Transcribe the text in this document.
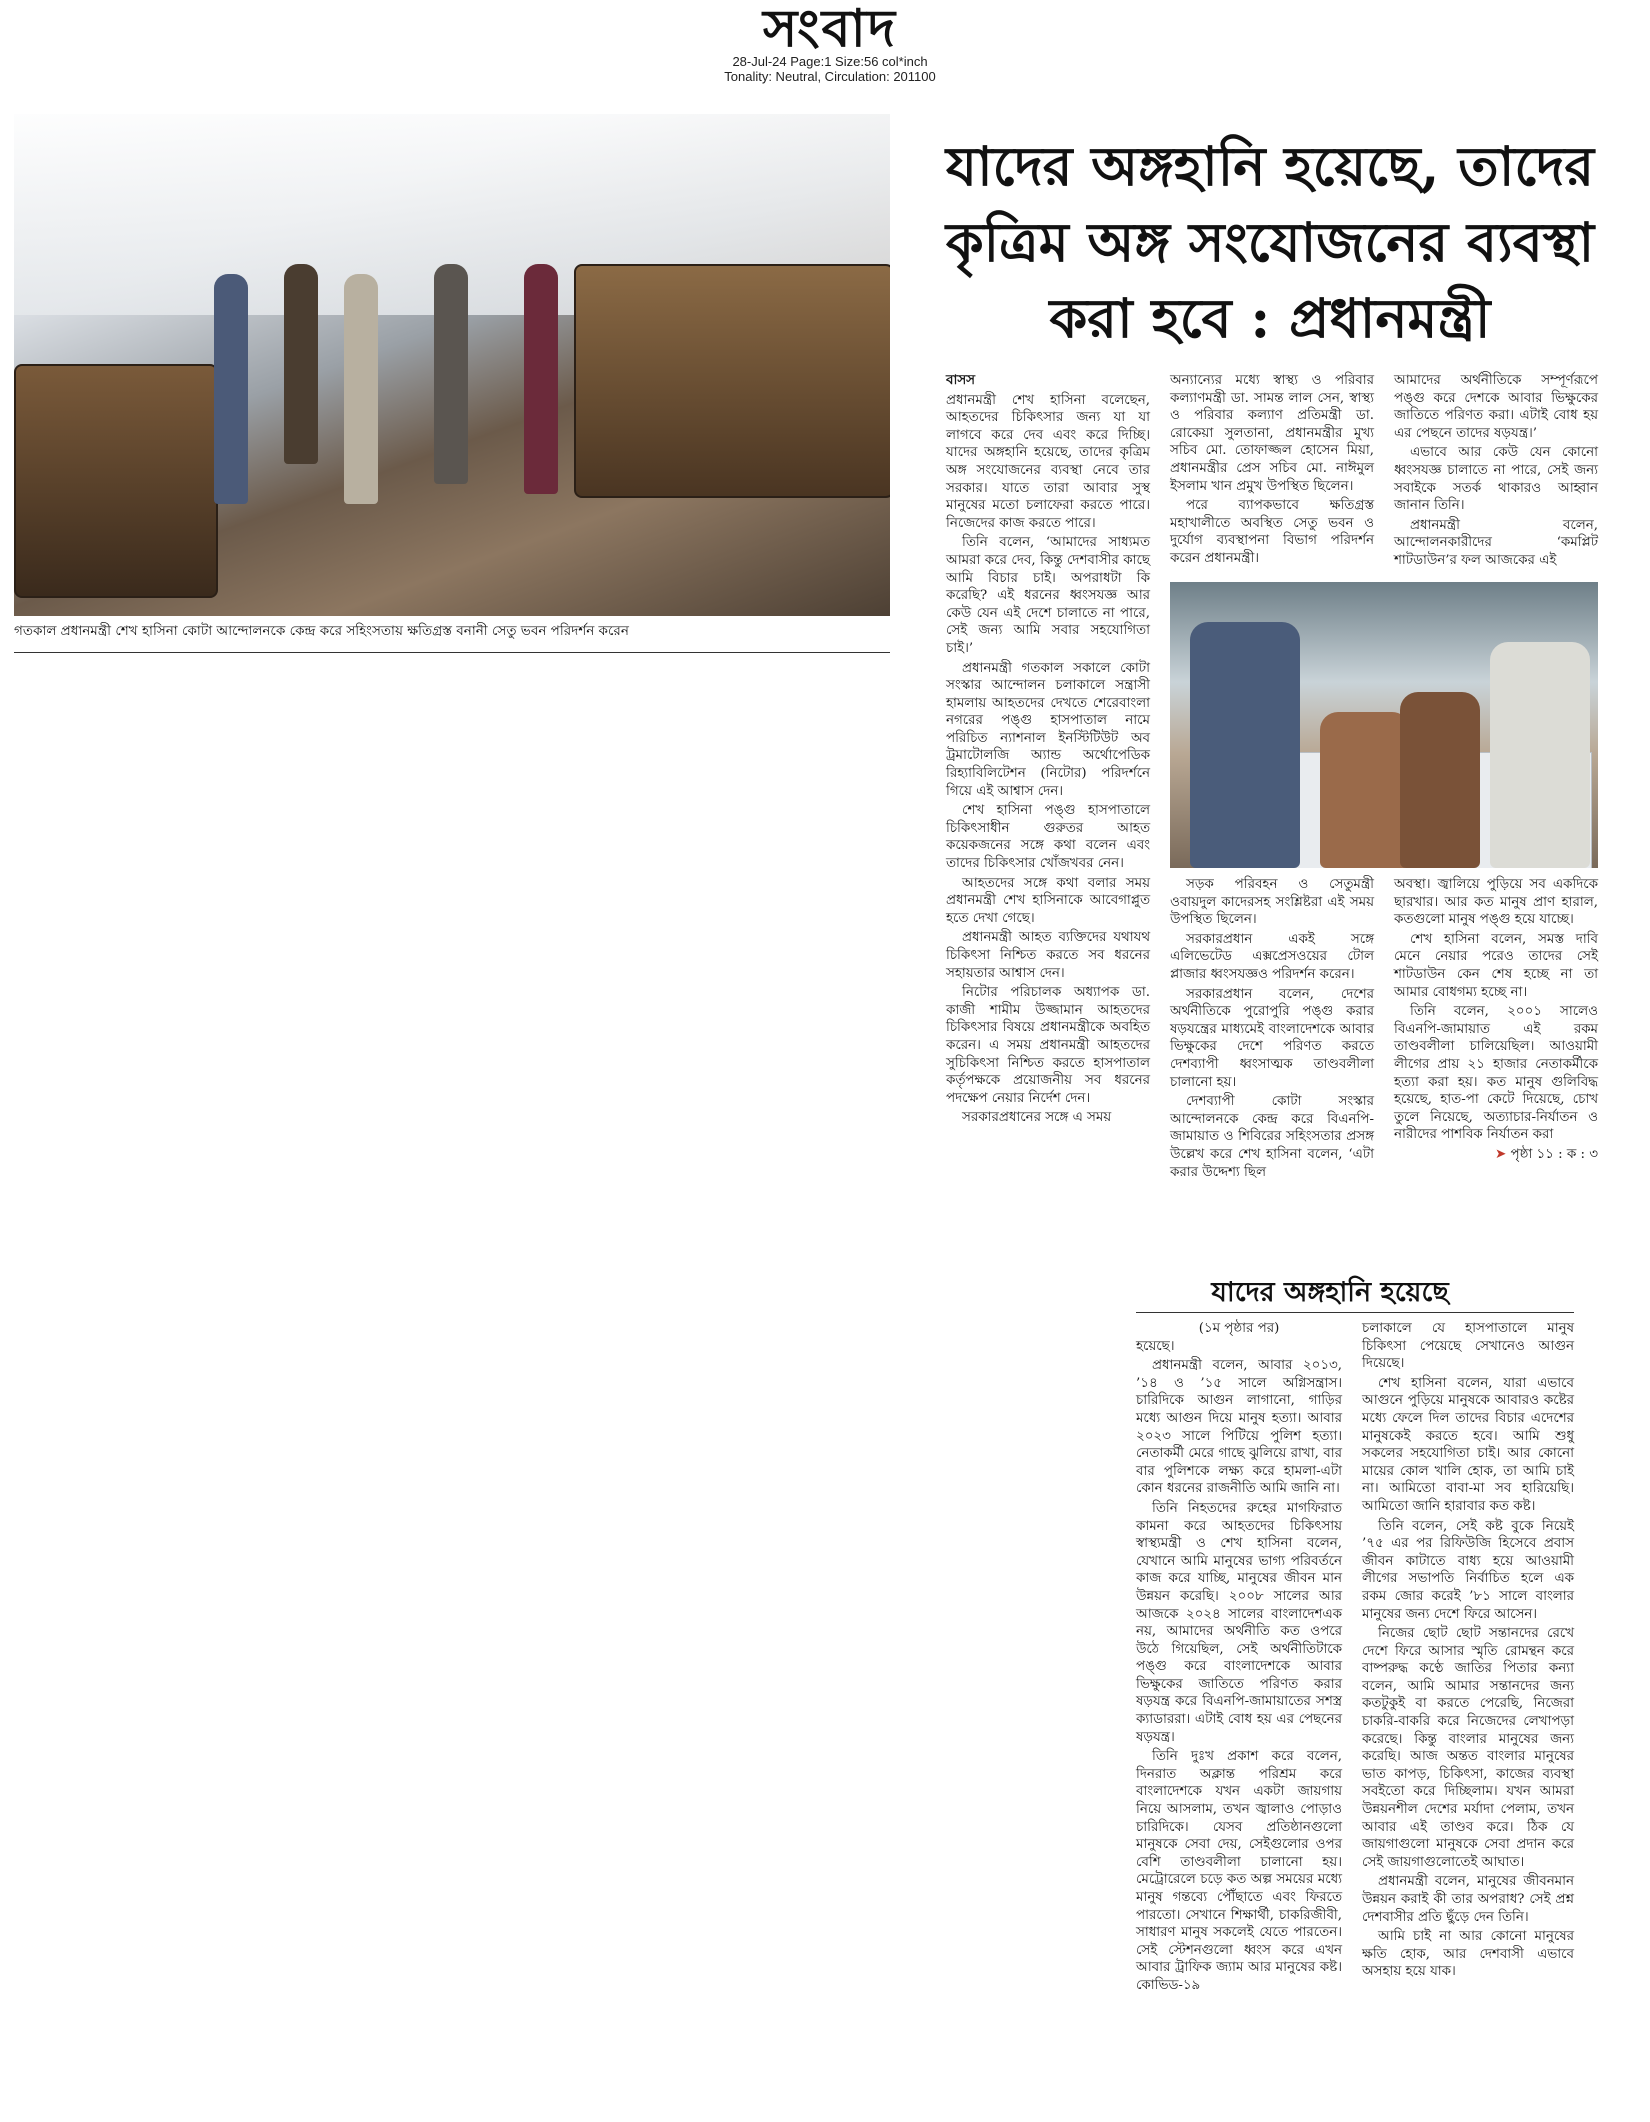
সংবাদ
28-Jul-24 Page:1 Size:56 col*inch
Tonality: Neutral, Circulation: 201100
গতকাল প্রধানমন্ত্রী শেখ হাসিনা কোটা আন্দোলনকে কেন্দ্র করে সহিংসতায় ক্ষতিগ্রস্ত বনানী সেতু ভবন পরিদর্শন করেন
যাদের অঙ্গহানি হয়েছে, তাদের
কৃত্রিম অঙ্গ সংযোজনের ব্যবস্থা
করা হবে : প্রধানমন্ত্রী
বাসস

প্রধানমন্ত্রী শেখ হাসিনা বলেছেন, আহতদের চিকিৎসার জন্য যা যা লাগবে করে দেব এবং করে দিচ্ছি। যাদের অঙ্গহানি হয়েছে, তাদের কৃত্রিম অঙ্গ সংযোজনের ব্যবস্থা নেবে তার সরকার। যাতে তারা আবার সুস্থ মানুষের মতো চলাফেরা করতে পারে। নিজেদের কাজ করতে পারে।

তিনি বলেন, ‘আমাদের সাধ্যমত আমরা করে দেব, কিন্তু দেশবাসীর কাছে আমি বিচার চাই। অপরাধটা কি করেছি? এই ধরনের ধ্বংসযজ্ঞ আর কেউ যেন এই দেশে চালাতে না পারে, সেই জন্য আমি সবার সহযোগিতা চাই।’

প্রধানমন্ত্রী গতকাল সকালে কোটা সংস্কার আন্দোলন চলাকালে সন্ত্রাসী হামলায় আহতদের দেখতে শেরেবাংলা নগরের পঙ্গু হাসপাতাল নামে পরিচিত ন্যাশনাল ইনস্টিটিউট অব ট্রমাটোলজি অ্যান্ড অর্থোপেডিক রিহ্যাবিলিটেশন (নিটোর) পরিদর্শনে গিয়ে এই আশ্বাস দেন।

শেখ হাসিনা পঙ্গু হাসপাতালে চিকিৎসাধীন গুরুতর আহত কয়েকজনের সঙ্গে কথা বলেন এবং তাদের চিকিৎসার খোঁজখবর নেন।

আহতদের সঙ্গে কথা বলার সময় প্রধানমন্ত্রী শেখ হাসিনাকে আবেগাপ্লুত হতে দেখা গেছে।

প্রধানমন্ত্রী আহত ব্যক্তিদের যথাযথ চিকিৎসা নিশ্চিত করতে সব ধরনের সহায়তার আশ্বাস দেন।

নিটোর পরিচালক অধ্যাপক ডা. কাজী শামীম উজ্জামান আহতদের চিকিৎসার বিষয়ে প্রধানমন্ত্রীকে অবহিত করেন। এ সময় প্রধানমন্ত্রী আহতদের সুচিকিৎসা নিশ্চিত করতে হাসপাতাল কর্তৃপক্ষকে প্রয়োজনীয় সব ধরনের পদক্ষেপ নেয়ার নির্দেশ দেন।

সরকারপ্রধানের সঙ্গে এ সময়

অন্যান্যের মধ্যে স্বাস্থ্য ও পরিবার কল্যাণমন্ত্রী ডা. সামন্ত লাল সেন, স্বাস্থ্য ও পরিবার কল্যাণ প্রতিমন্ত্রী ডা. রোকেয়া সুলতানা, প্রধানমন্ত্রীর মুখ্য সচিব মো. তোফাজ্জল হোসেন মিয়া, প্রধানমন্ত্রীর প্রেস সচিব মো. নাঈমুল ইসলাম খান প্রমুখ উপস্থিত ছিলেন।

পরে ব্যাপকভাবে ক্ষতিগ্রস্ত মহাখালীতে অবস্থিত সেতু ভবন ও দুর্যোগ ব্যবস্থাপনা বিভাগ পরিদর্শন করেন প্রধানমন্ত্রী।

আমাদের অর্থনীতিকে সম্পূর্ণরূপে পঙ্গু করে দেশকে আবার ভিক্ষুকের জাতিতে পরিণত করা। এটাই বোধ হয় এর পেছনে তাদের ষড়যন্ত্র।’

এভাবে আর কেউ যেন কোনো ধ্বংসযজ্ঞ চালাতে না পারে, সেই জন্য সবাইকে সতর্ক থাকারও আহ্বান জানান তিনি।

প্রধানমন্ত্রী বলেন, আন্দোলনকারীদের ‘কমপ্লিট শাটডাউন’র ফল আজকের এই

সড়ক পরিবহন ও সেতুমন্ত্রী ওবায়দুল কাদেরসহ সংশ্লিষ্টরা এই সময় উপস্থিত ছিলেন।

সরকারপ্রধান একই সঙ্গে এলিভেটেড এক্সপ্রেসওয়ের টোল প্লাজার ধ্বংসযজ্ঞও পরিদর্শন করেন।

সরকারপ্রধান বলেন, দেশের অর্থনীতিকে পুরোপুরি পঙ্গু করার ষড়যন্ত্রের মাধ্যমেই বাংলাদেশকে আবার ভিক্ষুকের দেশে পরিণত করতে দেশব্যাপী ধ্বংসাত্মক তাণ্ডবলীলা চালানো হয়।

দেশব্যাপী কোটা সংস্কার আন্দোলনকে কেন্দ্র করে বিএনপি-জামায়াত ও শিবিরের সহিংসতার প্রসঙ্গ উল্লেখ করে শেখ হাসিনা বলেন, ‘এটা করার উদ্দেশ্য ছিল

অবস্থা। জ্বালিয়ে পুড়িয়ে সব একদিকে ছারখার। আর কত মানুষ প্রাণ হারাল, কতগুলো মানুষ পঙ্গু হয়ে যাচ্ছে।

শেখ হাসিনা বলেন, সমস্ত দাবি মেনে নেয়ার পরেও তাদের সেই শাটডাউন কেন শেষ হচ্ছে না তা আমার বোধগম্য হচ্ছে না।

তিনি বলেন, ২০০১ সালেও বিএনপি-জামায়াত এই রকম তাণ্ডবলীলা চালিয়েছিল। আওয়ামী লীগের প্রায় ২১ হাজার নেতাকর্মীকে হত্যা করা হয়। কত মানুষ গুলিবিদ্ধ হয়েছে, হাত-পা কেটে দিয়েছে, চোখ তুলে নিয়েছে, অত্যাচার-নির্যাতন ও নারীদের পাশবিক নির্যাতন করা

➤ পৃষ্ঠা ১১ : ক : ৩
যাদের অঙ্গহানি হয়েছে
(১ম পৃষ্ঠার পর)

হয়েছে।

প্রধানমন্ত্রী বলেন, আবার ২০১৩, ’১৪ ও ’১৫ সালে অগ্নিসন্ত্রাস। চারিদিকে আগুন লাগানো, গাড়ির মধ্যে আগুন দিয়ে মানুষ হত্যা। আবার ২০২৩ সালে পিটিয়ে পুলিশ হত্যা। নেতাকর্মী মেরে গাছে ঝুলিয়ে রাখা, বার বার পুলিশকে লক্ষ্য করে হামলা-এটা কোন ধরনের রাজনীতি আমি জানি না।

তিনি নিহতদের রুহের মাগফিরাত কামনা করে আহতদের চিকিৎসায় স্বাস্থ্যমন্ত্রী ও শেখ হাসিনা বলেন, যেখানে আমি মানুষের ভাগ্য পরিবর্তনে কাজ করে যাচ্ছি, মানুষের জীবন মান উন্নয়ন করেছি। ২০০৮ সালের আর আজকে ২০২৪ সালের বাংলাদেশএক নয়, আমাদের অর্থনীতি কত ওপরে উঠে গিয়েছিল, সেই অর্থনীতিটাকে পঙ্গু করে বাংলাদেশকে আবার ভিক্ষুকের জাতিতে পরিণত করার ষড়যন্ত্র করে বিএনপি-জামায়াতের সশস্ত্র ক্যাডাররা। এটাই বোধ হয় এর পেছনের ষড়যন্ত্র।

তিনি দুঃখ প্রকাশ করে বলেন, দিনরাত অক্লান্ত পরিশ্রম করে বাংলাদেশকে যখন একটা জায়গায় নিয়ে আসলাম, তখন জ্বালাও পোড়াও চারিদিকে। যেসব প্রতিষ্ঠানগুলো মানুষকে সেবা দেয়, সেইগুলোর ওপর বেশি তাণ্ডবলীলা চালানো হয়। মেট্রোরেলে চড়ে কত অল্প সময়ের মধ্যে মানুষ গন্তব্যে পৌঁছাতে এবং ফিরতে পারতো। সেখানে শিক্ষার্থী, চাকরিজীবী, সাধারণ মানুষ সকলেই যেতে পারতেন। সেই স্টেশনগুলো ধ্বংস করে এখন আবার ট্রাফিক জ্যাম আর মানুষের কষ্ট। কোভিড-১৯

চলাকালে যে হাসপাতালে মানুষ চিকিৎসা পেয়েছে সেখানেও আগুন দিয়েছে।

শেখ হাসিনা বলেন, যারা এভাবে আগুনে পুড়িয়ে মানুষকে আবারও কষ্টের মধ্যে ফেলে দিল তাদের বিচার এদেশের মানুষকেই করতে হবে। আমি শুধু সকলের সহযোগিতা চাই। আর কোনো মায়ের কোল খালি হোক, তা আমি চাই না। আমিতো বাবা-মা সব হারিয়েছি। আমিতো জানি হারাবার কত কষ্ট।

তিনি বলেন, সেই কষ্ট বুকে নিয়েই ’৭৫ এর পর রিফিউজি হিসেবে প্রবাস জীবন কাটাতে বাধ্য হয়ে আওয়ামী লীগের সভাপতি নির্বাচিত হলে এক রকম জোর করেই ’৮১ সালে বাংলার মানুষের জন্য দেশে ফিরে আসেন।

নিজের ছোট ছোট সন্তানদের রেখে দেশে ফিরে আসার স্মৃতি রোমন্থন করে বাষ্পরুদ্ধ কণ্ঠে জাতির পিতার কন্যা বলেন, আমি আমার সন্তানদের জন্য কতটুকুই বা করতে পেরেছি, নিজেরা চাকরি-বাকরি করে নিজেদের লেখাপড়া করেছে। কিন্তু বাংলার মানুষের জন্য করেছি। আজ অন্তত বাংলার মানুষের ভাত কাপড়, চিকিৎসা, কাজের ব্যবস্থা সবইতো করে দিচ্ছিলাম। যখন আমরা উন্নয়নশীল দেশের মর্যাদা পেলাম, তখন আবার এই তাণ্ডব করে। ঠিক যে জায়গাগুলো মানুষকে সেবা প্রদান করে সেই জায়গাগুলোতেই আঘাত।

প্রধানমন্ত্রী বলেন, মানুষের জীবনমান উন্নয়ন করাই কী তার অপরাধ? সেই প্রশ্ন দেশবাসীর প্রতি ছুঁড়ে দেন তিনি।

আমি চাই না আর কোনো মানুষের ক্ষতি হোক, আর দেশবাসী এভাবে অসহায় হয়ে যাক।
